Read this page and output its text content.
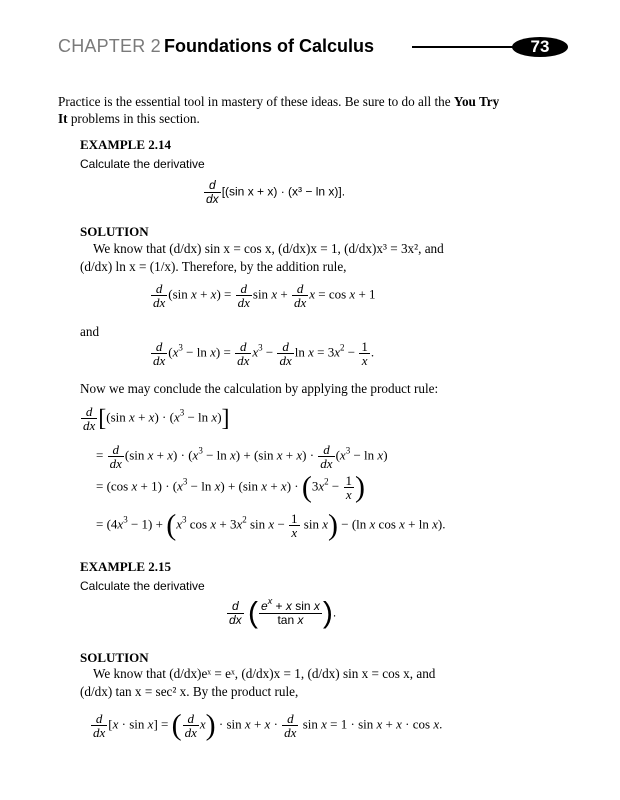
CHAPTER 2 Foundations of Calculus	73
Practice is the essential tool in mastery of these ideas. Be sure to do all the You Try It problems in this section.
EXAMPLE 2.14
Calculate the derivative
$\frac{d}{dx} [(\sin$ x + x) · (x³ − ln x)].
SOLUTION
We know that (d/dx) sin x = cos x, (d/dx)x = 1, (d/dx)x³ = 3x², and
(d/dx) ln x = (1/x). Therefore, by the addition rule,
$\frac{d}{dx} (\sin$ $x + x) = \frac{d}{dx}$ $\sin x + \frac{d}{dx}$ x = cos x + 1
and
$\frac{d}{dx} (x^3 - \ln x) = \frac{d}{dx} x^3 - \frac{d}{dx}$ $\ln x = 3x^2 - \frac{1}{x}$ .
Now we may conclude the calculation by applying the product rule:
$\frac{d}{dx} [(\sin$ $x + x) \cdot (x^3 - \ln x)$]
= $\frac{d}{dx} (\sin$ $x + x) \cdot (x^3 - \ln x) + (\sin$ $x + x) \cdot \frac{d}{dx} (x^3 - \ln x)$
= (cos $x + 1) \cdot (x^3 - \ln x) + (\sin$ $x + x) \cdot (3x^2 - \frac{1}{x}$ )
= $(4x^3 - 1) + (x^3$ $\cos x + 3x^2$ $\sin x - \frac{1}{x}$ sin x) − (ln x cos x + ln x).
EXAMPLE 2.15
Calculate the derivative
$\frac{d}{dx}$ ( $\frac{e^x + x \sin x}{\text{tan x}}$ ).
SOLUTION
We know that (d/dx)eˣ = eˣ, (d/dx)x = 1, (d/dx) sin x = cos x, and
(d/dx) tan x = sec² x. By the product rule,
$\frac{d}{dx} [x \cdot \sin x]$ = ( $\frac{d}{dx} x) \cdot \sin x + x \cdot \frac{d}{dx}$ sin x = 1 · sin x + x · cos x.
